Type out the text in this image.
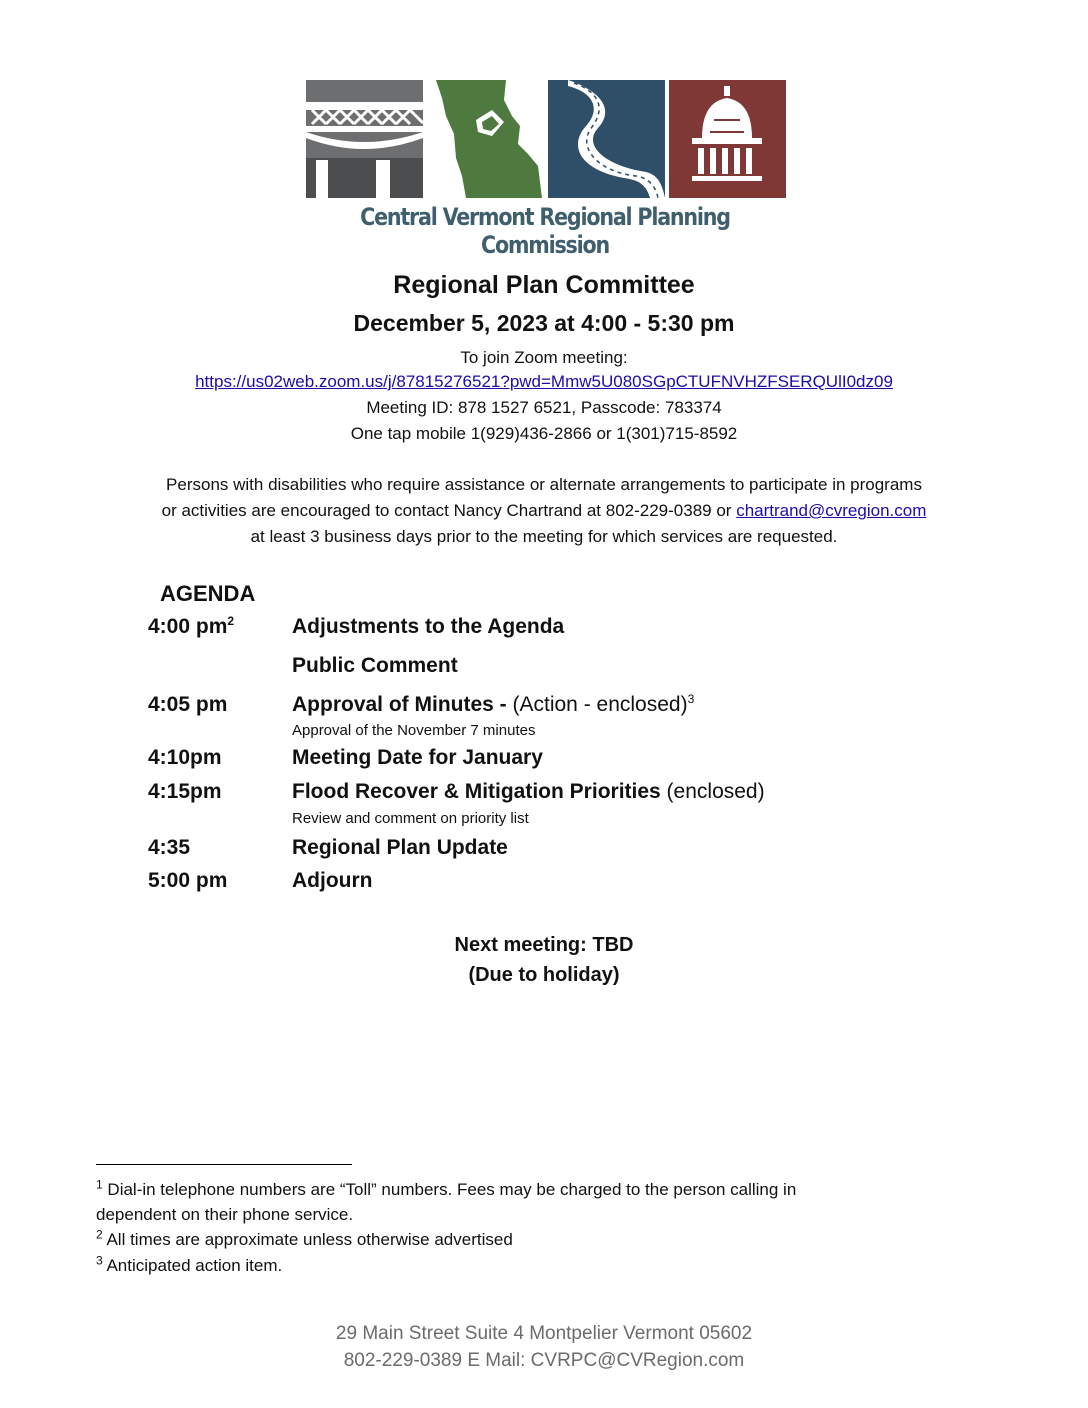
Central Vermont Regional Planning Commission
Regional Plan Committee
December 5, 2023 at 4:00 - 5:30 pm
To join Zoom meeting:
https://us02web.zoom.us/j/87815276521?pwd=Mmw5U080SGpCTUFNVHZFSERQUlI0dz09
Meeting ID: 878 1527 6521, Passcode: 783374
One tap mobile 1(929)436-2866 or 1(301)715-8592
Persons with disabilities who require assistance or alternate arrangements to participate in programs
or activities are encouraged to contact Nancy Chartrand at 802-229-0389 or chartrand@cvregion.com
at least 3 business days prior to the meeting for which services are requested.
AGENDA
4:00 $pm^2$	Adjustments to the Agenda
Public Comment
4:05 pm	Approval of Minutes - (Action - enclosed)$^3$
Approval of the November 7 minutes
4:10pm	Meeting Date for January
4:15pm	Flood Recover & Mitigation Priorities (enclosed)
Review and comment on priority list
4:35	Regional Plan Update
5:00 pm	Adjourn
Next meeting: TBD
(Due to holiday)
$^1$ Dial-in telephone numbers are “Toll” numbers. Fees may be charged to the person calling in
dependent on their phone service.
$^2$ All times are approximate unless otherwise advertised
$^3$ Anticipated action item.
29 Main Street Suite 4 Montpelier Vermont 05602
802-229-0389 E Mail: CVRPC@CVRegion.com
